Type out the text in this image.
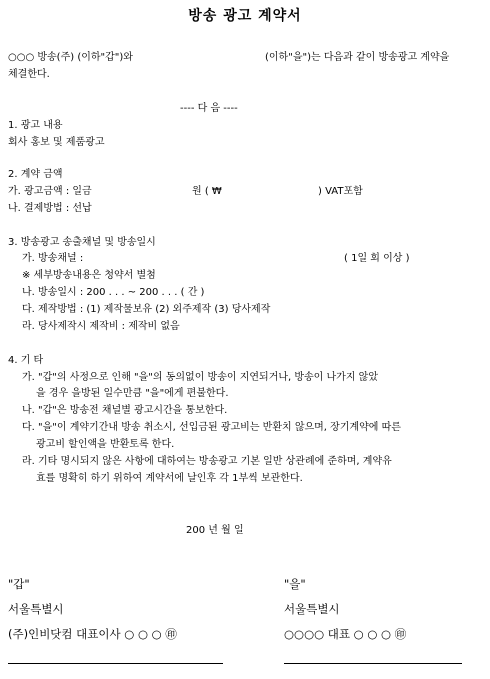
방송 광고 계약서
○○○ 방송(주) (이하"갑")와	(이하"을")는 다음과 같이 방송광고 계약을
체결한다.
---- 다 음 ----
1. 광고 내용
회사 홍보 및 제품광고
2. 계약 금액
가. 광고금액 : 일금	원 ( ₩	) VAT포함
나. 결제방법 : 선납
3. 방송광고 송출채널 및 방송일시
가. 방송채널 :	( 1일 회 이상 )
※ 세부방송내용은 청약서 별첨
나. 방송일시 : 200 . . . ~ 200 . . . ( 간 )
다. 제작방법 : (1) 제작물보유 (2) 외주제작 (3) 당사제작
라. 당사제작시 제작비 : 제작비 없음
4. 기 타
가. "갑"의 사정으로 인해 "을"의 동의없이 방송이 지연되거나, 방송이 나가지 않았
을 경우 을방된 일수만큼 "을"에게 편불한다.
나. "갑"은 방송전 채널별 광고시간을 통보한다.
다. "을"이 계약기간내 방송 취소시, 선입금된 광고비는 반환치 않으며, 장기계약에 따른
광고비 할인액을 반환토록 한다.
라. 기타 명시되지 않은 사항에 대하여는 방송광고 기본 일반 상관례에 준하며, 계약유
효를 명확히 하기 위하여 계약서에 날인후 각 1부씩 보관한다.
200 년 월 일
"갑"
서울특별시
(주)인비닷컴 대표이사 ○ ○ ○ ㊞
"을"
서울특별시
○○○○ 대표 ○ ○ ○ ㊞
